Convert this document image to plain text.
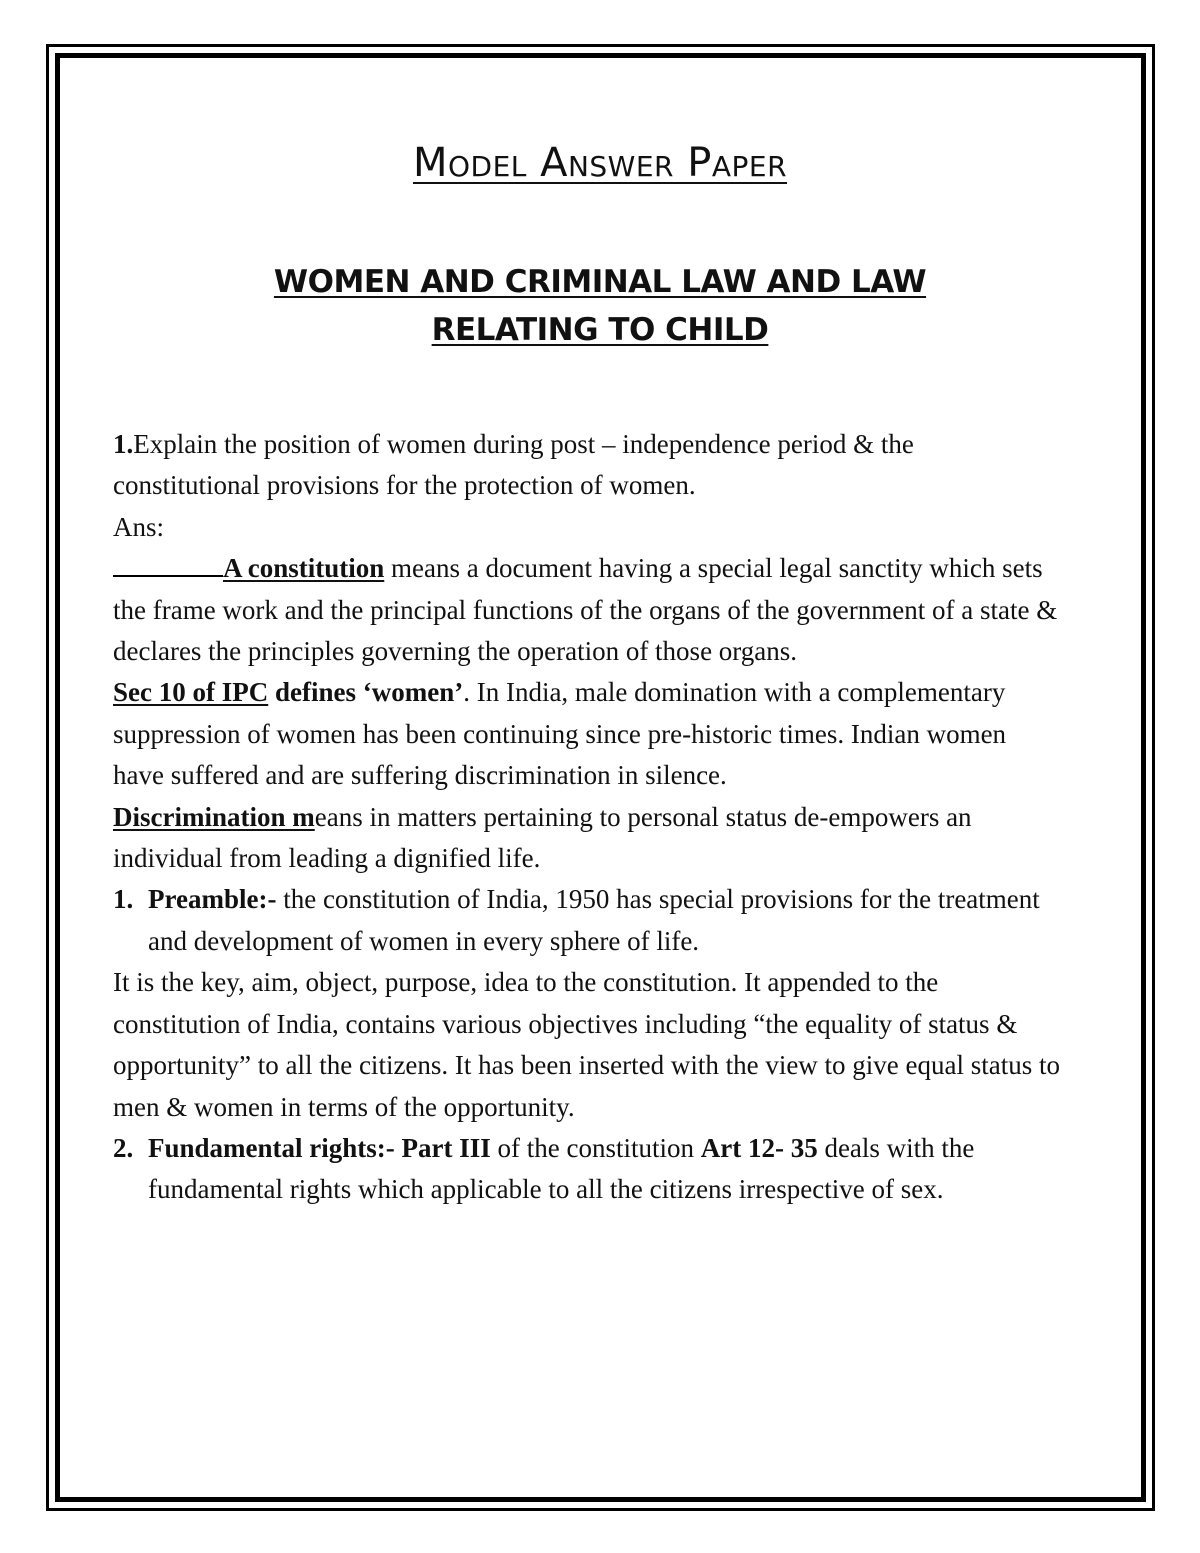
Model Answer Paper
WOMEN AND CRIMINAL LAW AND LAW
RELATING TO CHILD

1.Explain the position of women during post – independence period & the constitutional provisions for the protection of women.

Ans:

A constitution means a document having a special legal sanctity which sets the frame work and the principal functions of the organs of the government of a state & declares the principles governing the operation of those organs.

Sec 10 of IPC defines ‘women’. In India, male domination with a complementary suppression of women has been continuing since pre-historic times. Indian women have suffered and are suffering discrimination in silence.

Discrimination means in matters pertaining to personal status de-empowers an individual from leading a dignified life.

1. Preamble:- the constitution of India, 1950 has special provisions for the treatment and development of women in every sphere of life.

It is the key, aim, object, purpose, idea to the constitution. It appended to the constitution of India, contains various objectives including “the equality of status & opportunity” to all the citizens. It has been inserted with the view to give equal status to men & women in terms of the opportunity.

2. Fundamental rights:- Part III of the constitution Art 12- 35 deals with the fundamental rights which applicable to all the citizens irrespective of sex.
